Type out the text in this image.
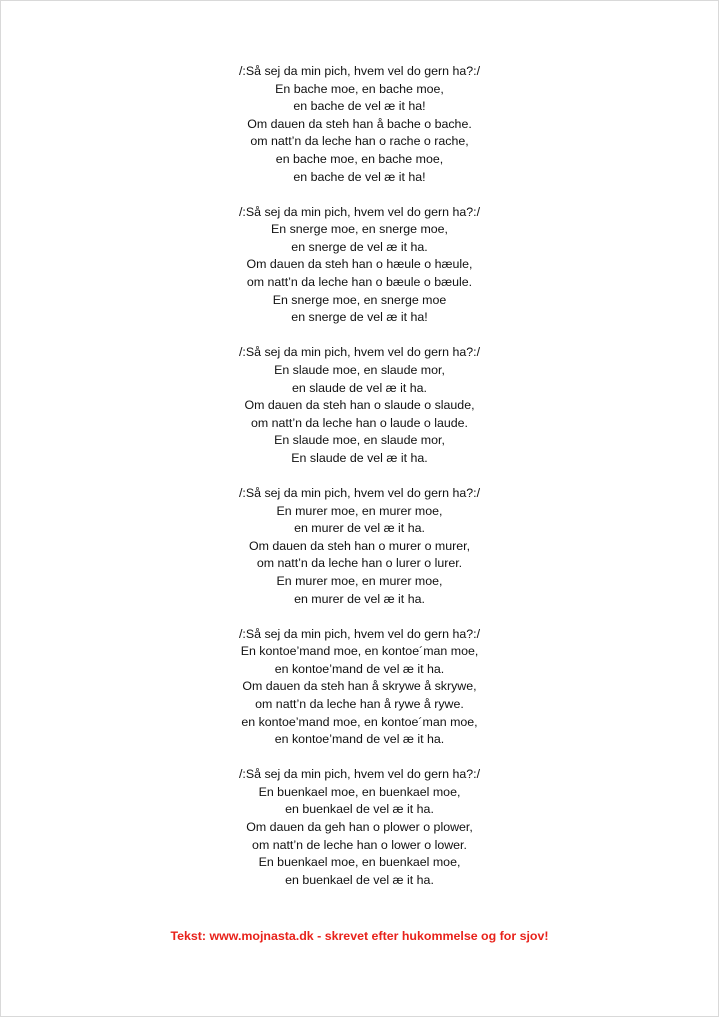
/:Så sej da min pich, hvem vel do gern ha?:/
En bache moe, en bache moe,
en bache de vel æ it ha!
Om dauen da steh han å bache o bache.
om natt’n da leche han o rache o rache,
en bache moe, en bache moe,
en bache de vel æ it ha!
/:Så sej da min pich, hvem vel do gern ha?:/
En snerge moe, en snerge moe,
en snerge de vel æ it ha.
Om dauen da steh han o hæule o hæule,
om natt’n da leche han o bæule o bæule.
En snerge moe, en snerge moe
en snerge de vel æ it ha!
/:Så sej da min pich, hvem vel do gern ha?:/
En slaude moe, en slaude mor,
en slaude de vel æ it ha.
Om dauen da steh han o slaude o slaude,
om natt’n da leche han o laude o laude.
En slaude moe, en slaude mor,
En slaude de vel æ it ha.
/:Så sej da min pich, hvem vel do gern ha?:/
En murer moe, en murer moe,
en murer de vel æ it ha.
Om dauen da steh han o murer o murer,
om natt’n da leche han o lurer o lurer.
En murer moe, en murer moe,
en murer de vel æ it ha.
/:Så sej da min pich, hvem vel do gern ha?:/
En kontoe’mand moe, en kontoe´man moe,
en kontoe’mand de vel æ it ha.
Om dauen da steh han å skrywe å skrywe,
om natt’n da leche han å rywe å rywe.
en kontoe’mand moe, en kontoe´man moe,
en kontoe’mand de vel æ it ha.
/:Så sej da min pich, hvem vel do gern ha?:/
En buenkael moe, en buenkael moe,
en buenkael de vel æ it ha.
Om dauen da geh han o plower o plower,
om natt’n de leche han o lower o lower.
En buenkael moe, en buenkael moe,
en buenkael de vel æ it ha.
Tekst: www.mojnasta.dk - skrevet efter hukommelse og for sjov!
